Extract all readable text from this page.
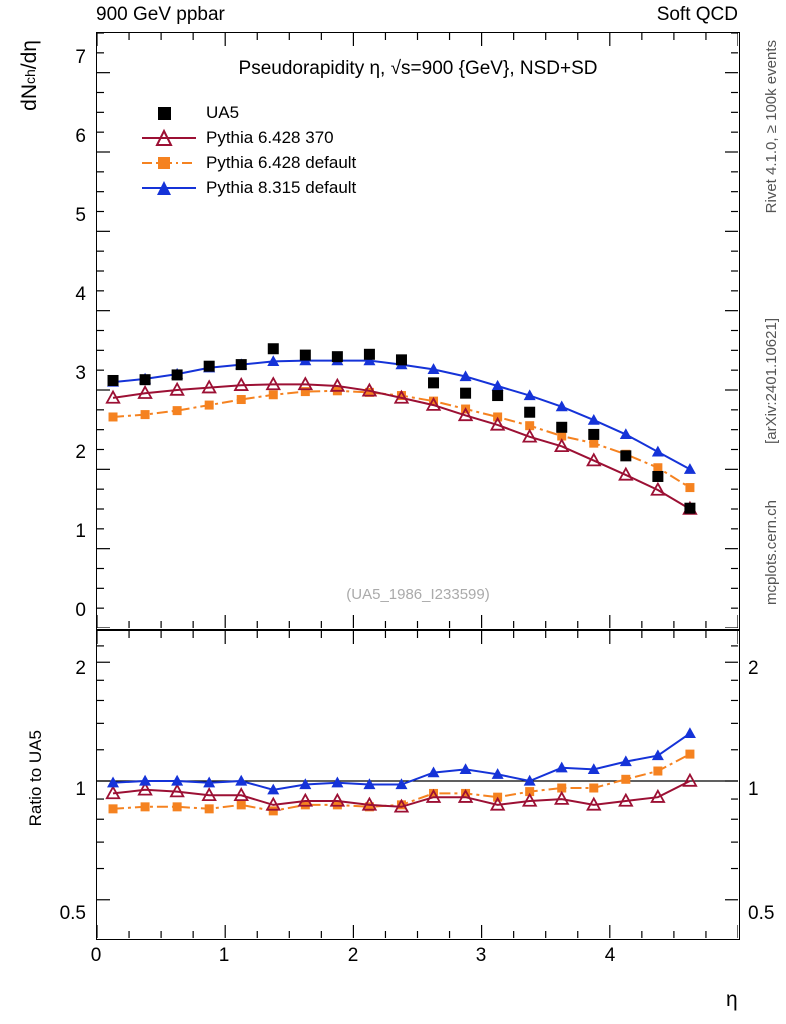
900 GeV ppbar	Soft QCD
dNch/dη
Ratio to UA5
η
Rivet 4.1.0, ≥ 100k events
[arXiv:2401.10621]
mcplots.cern.ch
Pseudorapidity η, √s=900 {GeV}, NSD+SD
(UA5_1986_I233599)
0
1
2
3
4
5
6
7
2
1
0.5
2
1
0.5
0	1	2	3	4
UA5
Pythia 6.428 370
Pythia 6.428 default
Pythia 8.315 default
